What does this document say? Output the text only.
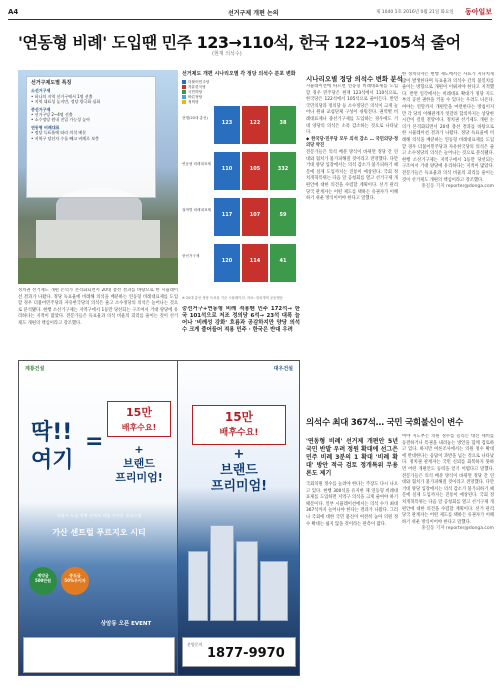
A4	선거구제 개편 논의	제 1040 1호 2016년 0월 21일 화요일 동아일보
'연동형 비례' 도입땐 민주 123→110석, 한국 122→105석 줄어
(현재 의석수)
선거구제도별 특징
소선거구제
• 하나의 지역 선거구에서 1명 선출
• 지역 대표성 높지만, 정당 양극화 심화
중선거구제
• 선거구당 2~4명 선출
• 소수정당 원내 진입 가능성 높아
연동형 비례대표
• 정당 득표율에 따라 의석 배분
• 지역구 당선자 수를 빼고 비례로 보충
선거제도 개편 시나리오별 각 정당 의석수 분포 변화
더불어민주당
자유한국당
국민의당
바른정당
정의당
현행(20대 총선)
123	122	38
연동형 비례대표제
110	105	332
권역별 비례대표제
117	107	59
중선거구제
120	114	41
※ 20대 총선 정당 득표율 기준 시뮬레이션. 자료: 정치개혁 공동행동
정치권 선거제도 개편 논의가 본격화되면서 20대 총선 결과를 바탕으로 한 시뮬레이션 결과가 나왔다. 정당 득표율에 비례해 의석을 배분하는 연동형 비례대표제를 도입할 경우 더불어민주당과 자유한국당의 의석은 줄고 소수정당의 의석은 늘어나는 것으로 분석됐다. 현행 소선거구제는 지역구에서 1등만 당선되는 구조여서 거대 양당에 유리하다는 지적이 많았다. 전문가들은 득표율과 의석 비율의 괴리를 줄이는 것이 선거제도 개편의 핵심이라고 강조했다.
시나리오별 정당 의석수 변화 분석
시뮬레이션에 따르면 연동형 비례대표제를 도입할 경우 민주당은 현재 123석에서 110석으로, 한국당은 122석에서 105석으로 줄어든다. 반면 국민의당과 정의당 등 소수정당은 의석이 크게 늘어나 원내 교섭단체 구성이 쉬워진다. 권역별 비례대표제나 중선거구제를 도입하는 경우에도 거대 양당의 의석은 소폭 감소하는 것으로 나타났다.
◆ 한국당·민주당 모두 의석 감소 … 국민의당·정의당 약진
전문가들은 의석 배분 방식이 바뀌면 정당 간 연대와 협치가 불가피해질 것이라고 전망했다. 다만 거대 양당 입장에서는 의석 감소가 불가피하기 때문에 실제 도입까지는 진통이 예상된다. 국회 정치개혁특위는 다음 달 공청회를 열고 선거구제 개편안에 대한 의견을 수렴할 계획이다. 선거 관리 당국 관계자는 어떤 제도를 택하든 유권자가 이해하기 쉬운 방식이어야 한다고 말했다.
한 정치학자는 현행 제도에서는 사표가 지나치게 많이 발생한다며 득표율과 의석수 간의 불일치를 줄이는 방향으로 개편이 이뤄져야 한다고 지적했다. 반면 일각에서는 비례대표 확대가 정당 지도부의 공천 권한을 키울 수 있다는 우려도 나온다. 여야는 연말까지 개편안을 마련한다는 방침이지만 각 당의 이해관계가 엇갈려 합의까지는 상당한 시간이 걸릴 전망이다. 정치권 선거제도 개편 논의가 본격화되면서 20대 총선 결과를 바탕으로 한 시뮬레이션 결과가 나왔다. 정당 득표율에 비례해 의석을 배분하는 연동형 비례대표제를 도입할 경우 더불어민주당과 자유한국당의 의석은 줄고 소수정당의 의석은 늘어나는 것으로 분석됐다. 현행 소선거구제는 지역구에서 1등만 당선되는 구조여서 거대 양당에 유리하다는 지적이 많았다. 전문가들은 득표율과 의석 비율의 괴리를 줄이는 것이 선거제도 개편의 핵심이라고 강조했다.
홍길동 기자 reporter@donga.com
중선거구+연동형 비례 적용땐 민주 172석→ 한국 101석으로 저조 정의당 6석→ 23석 대폭 늘어나 '비례성 강화' 흐름과 공감하지만 양당 의석수 크게 줄어들어 적용 민주 · 한국은 반대 우려
계룡건설
딱!!
여기
=
15만
배후수요!
+
브랜드
프리미엄!
서울시 도심 지역 전세로 서울 가까운 오피스텔
가산 센트럴 푸르지오 시티
계약금
500만원
중도금
50%무이자
상암동 오픈 EVENT
대우건설
15만
배후수요!
+
브랜드
프리미엄!
분양문의
1877-9970
의석수 최대 367석… 국민 국회불신이 변수
'연동형 비례' 선거제 개편안 5년 국민 반발 우려 정원 확대에 선그은 민주 비례 3분의 1 확대 '비례 확대' 방안 적극 검토 정개특위 무용론도 제기
국회의원 정수를 늘려야 한다는 주장도 다시 나오고 있다. 현행 300석을 유지한 채 연동형 비례대표제를 도입하면 지역구 의석을 크게 줄여야 하기 때문이다. 일부 시뮬레이션에서는 의석 수가 최대 367석까지 늘어나야 한다는 결과가 나왔다. 그러나 국회에 대한 국민 불신이 여전히 높아 의원 정수 확대는 쉽지 않을 것이라는 관측이 많다.
여야 지도부는 의원 정수를 늘리는 대신 세비를 동결하거나 특권을 내려놓는 방안을 함께 검토하고 있다. 하지만 여론조사에서는 의원 정수 확대에 반대한다는 응답이 과반을 넘는 것으로 나타났다. 정치권 관계자는 국민 신뢰를 회복하지 못하면 어떤 개편안도 동력을 얻기 어렵다고 말했다. 전문가들은 의석 배분 방식이 바뀌면 정당 간 연대와 협치가 불가피해질 것이라고 전망했다. 다만 거대 양당 입장에서는 의석 감소가 불가피하기 때문에 실제 도입까지는 진통이 예상된다. 국회 정치개혁특위는 다음 달 공청회를 열고 선거구제 개편안에 대한 의견을 수렴할 계획이다. 선거 관리 당국 관계자는 어떤 제도를 택하든 유권자가 이해하기 쉬운 방식이어야 한다고 말했다.
홍길동 기자 reporter@donga.com
